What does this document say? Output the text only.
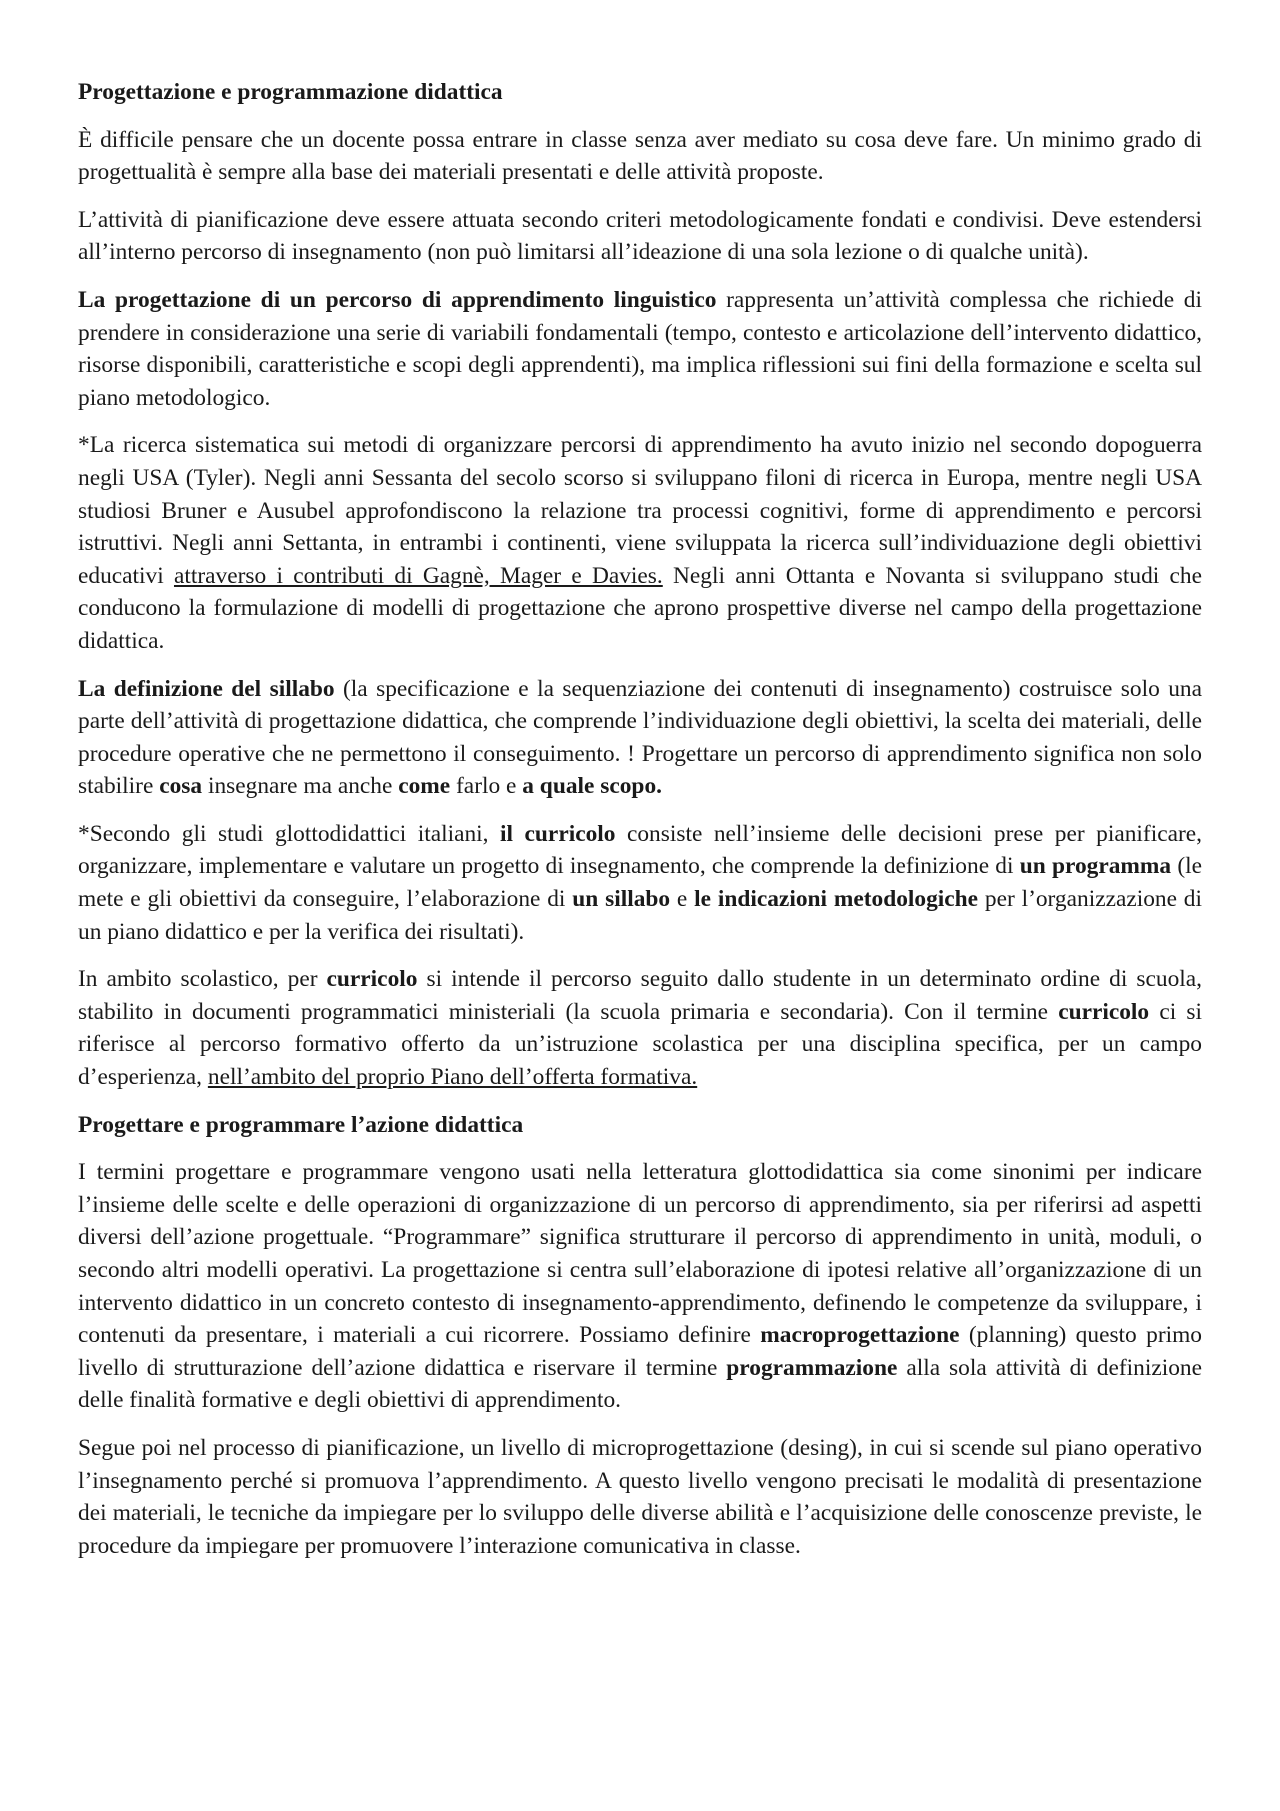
Progettazione e programmazione didattica

È difficile pensare che un docente possa entrare in classe senza aver mediato su cosa deve fare. Un minimo grado di progettualità è sempre alla base dei materiali presentati e delle attività proposte.

L’attività di pianificazione deve essere attuata secondo criteri metodologicamente fondati e condivisi. Deve estendersi all’interno percorso di insegnamento (non può limitarsi all’ideazione di una sola lezione o di qualche unità).

La progettazione di un percorso di apprendimento linguistico rappresenta un’attività complessa che richiede di prendere in considerazione una serie di variabili fondamentali (tempo, contesto e articolazione dell’intervento didattico, risorse disponibili, caratteristiche e scopi degli apprendenti), ma implica riflessioni sui fini della formazione e scelta sul piano metodologico.

*La ricerca sistematica sui metodi di organizzare percorsi di apprendimento ha avuto inizio nel secondo dopoguerra negli USA (Tyler). Negli anni Sessanta del secolo scorso si sviluppano filoni di ricerca in Europa, mentre negli USA studiosi Bruner e Ausubel approfondiscono la relazione tra processi cognitivi, forme di apprendimento e percorsi istruttivi. Negli anni Settanta, in entrambi i continenti, viene sviluppata la ricerca sull’individuazione degli obiettivi educativi attraverso i contributi di Gagnè, Mager e Davies. Negli anni Ottanta e Novanta si sviluppano studi che conducono la formulazione di modelli di progettazione che aprono prospettive diverse nel campo della progettazione didattica.

La definizione del sillabo (la specificazione e la sequenziazione dei contenuti di insegnamento) costruisce solo una parte dell’attività di progettazione didattica, che comprende l’individuazione degli obiettivi, la scelta dei materiali, delle procedure operative che ne permettono il conseguimento. ! Progettare un percorso di apprendimento significa non solo stabilire cosa insegnare ma anche come farlo e a quale scopo.

*Secondo gli studi glottodidattici italiani, il curricolo consiste nell’insieme delle decisioni prese per pianificare, organizzare, implementare e valutare un progetto di insegnamento, che comprende la definizione di un programma (le mete e gli obiettivi da conseguire, l’elaborazione di un sillabo e le indicazioni metodologiche per l’organizzazione di un piano didattico e per la verifica dei risultati).

In ambito scolastico, per curricolo si intende il percorso seguito dallo studente in un determinato ordine di scuola, stabilito in documenti programmatici ministeriali (la scuola primaria e secondaria). Con il termine curricolo ci si riferisce al percorso formativo offerto da un’istruzione scolastica per una disciplina specifica, per un campo d’esperienza, nell’ambito del proprio Piano dell’offerta formativa.

Progettare e programmare l’azione didattica

I termini progettare e programmare vengono usati nella letteratura glottodidattica sia come sinonimi per indicare l’insieme delle scelte e delle operazioni di organizzazione di un percorso di apprendimento, sia per riferirsi ad aspetti diversi dell’azione progettuale. “Programmare” significa strutturare il percorso di apprendimento in unità, moduli, o secondo altri modelli operativi. La progettazione si centra sull’elaborazione di ipotesi relative all’organizzazione di un intervento didattico in un concreto contesto di insegnamento-apprendimento, definendo le competenze da sviluppare, i contenuti da presentare, i materiali a cui ricorrere. Possiamo definire macroprogettazione (planning) questo primo livello di strutturazione dell’azione didattica e riservare il termine programmazione alla sola attività di definizione delle finalità formative e degli obiettivi di apprendimento.

Segue poi nel processo di pianificazione, un livello di microprogettazione (desing), in cui si scende sul piano operativo l’insegnamento perché si promuova l’apprendimento. A questo livello vengono precisati le modalità di presentazione dei materiali, le tecniche da impiegare per lo sviluppo delle diverse abilità e l’acquisizione delle conoscenze previste, le procedure da impiegare per promuovere l’interazione comunicativa in classe.
